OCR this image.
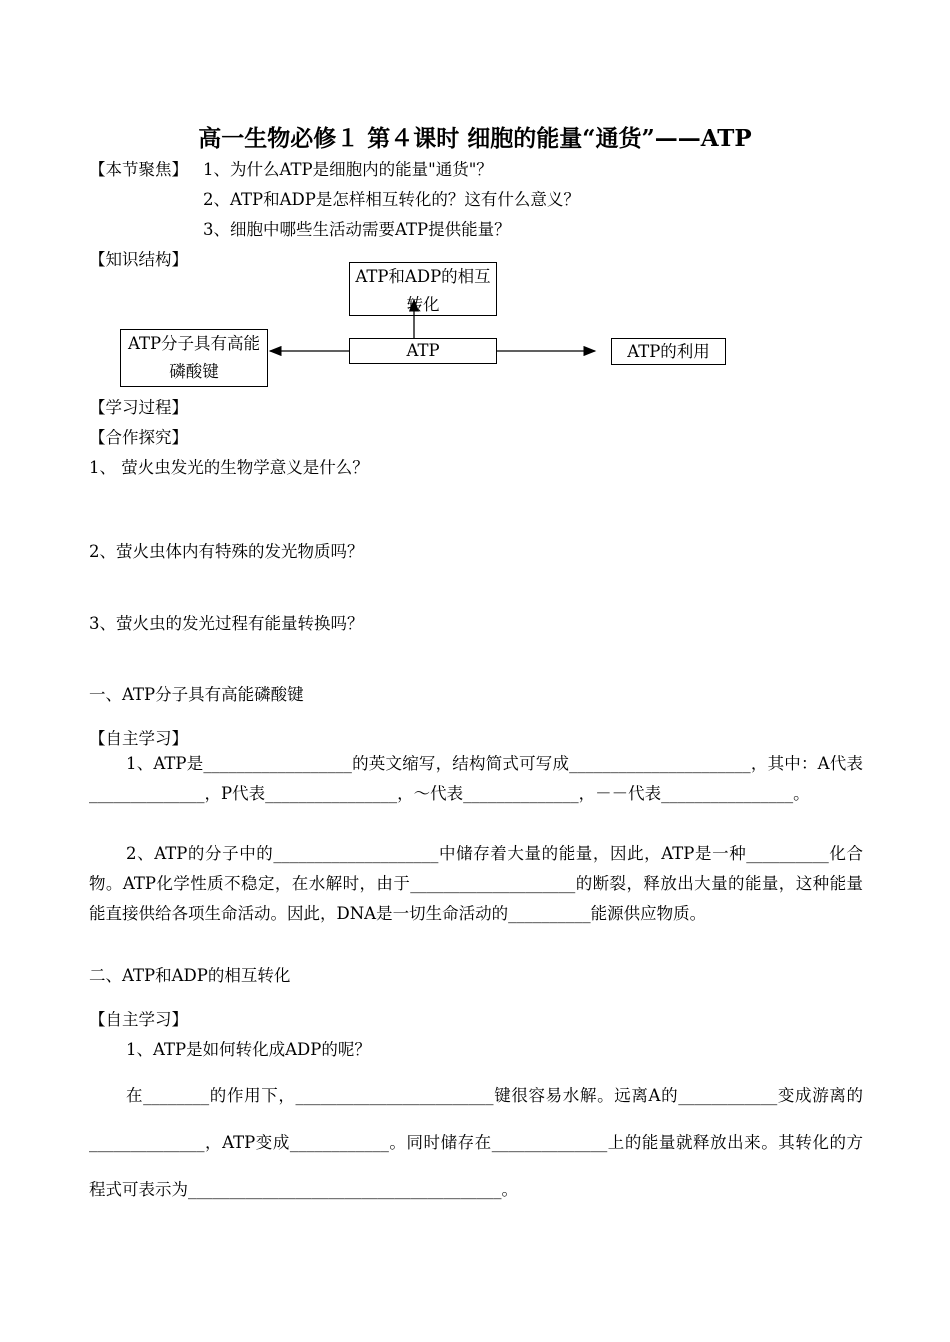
高一生物必修１ 第４课时 细胞的能量“通货”——ATP
【本节聚焦】 1、为什么ATP是细胞内的能量"通货"？
2、ATP和ADP是怎样相互转化的？这有什么意义？
3、细胞中哪些生活动需要ATP提供能量？
【知识结构】
ATP和ADP的相互转化
ATP分子具有高能磷酸键
ATP	ATP的利用
【学习过程】
【合作探究】
1、 萤火虫发光的生物学意义是什么？
2、萤火虫体内有特殊的发光物质吗？
3、萤火虫的发光过程有能量转换吗？
一、ATP分子具有高能磷酸键
【自主学习】
1、ATP是__________________的英文缩写，结构简式可写成______________________，其中：A代表______________，P代表________________，～代表______________，－－代表________________。
2、ATP的分子中的____________________中储存着大量的能量，因此，ATP是一种__________化合物。ATP化学性质不稳定，在水解时，由于____________________的断裂，释放出大量的能量，这种能量能直接供给各项生命活动。因此，DNA是一切生命活动的__________能源供应物质。
二、ATP和ADP的相互转化
【自主学习】
1、ATP是如何转化成ADP的呢？
在________的作用下，________________________键很容易水解。远离A的____________变成游离的______________，ATP变成____________。同时储存在______________上的能量就释放出来。其转化的方程式可表示为______________________________________。
